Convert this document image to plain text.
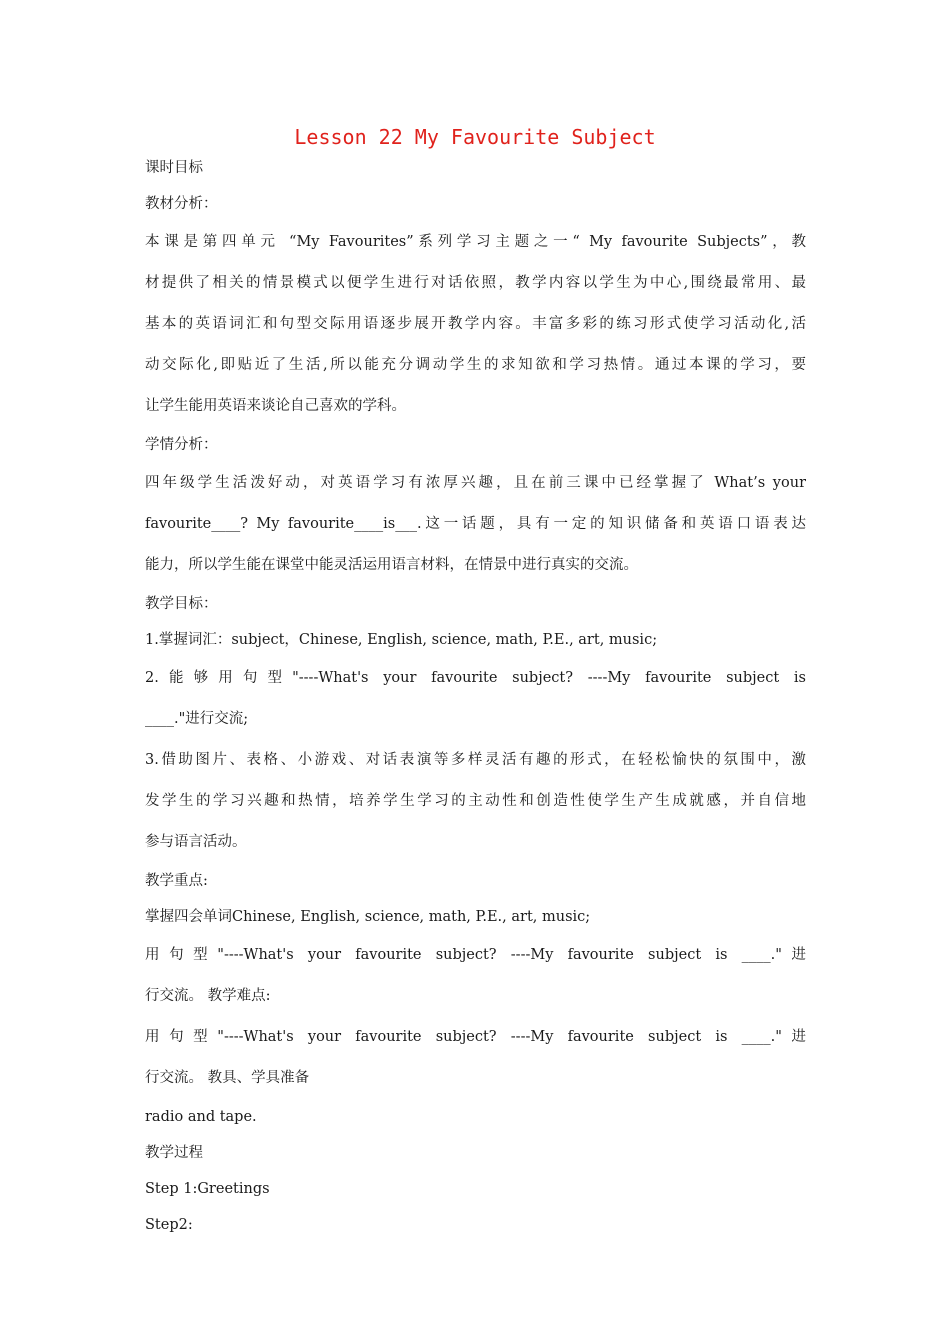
Lesson 22 My Favourite Subject
课时目标
教材分析：
本课是第四单元 “My Favourites”系列学习主题之一“ My favourite Subjects”，教
材提供了相关的情景模式以便学生进行对话依照，教学内容以学生为中心,围绕最常用、最
基本的英语词汇和句型交际用语逐步展开教学内容。丰富多彩的练习形式使学习活动化,活
动交际化,即贴近了生活,所以能充分调动学生的求知欲和学习热情。通过本课的学习，要
让学生能用英语来谈论自己喜欢的学科。
学情分析：
四年级学生活泼好动，对英语学习有浓厚兴趣，且在前三课中已经掌握了 What’s your
favourite____? My favourite____is___.这一话题，具有一定的知识储备和英语口语表达
能力，所以学生能在课堂中能灵活运用语言材料，在情景中进行真实的交流。
教学目标：
1.掌握词汇：subject，Chinese, English, science, math, P.E., art, music;
2.能够用句型"----What's your favourite subject? ----My favourite subject is
____."进行交流;
3.借助图片、表格、小游戏、对话表演等多样灵活有趣的形式，在轻松愉快的氛围中，激
发学生的学习兴趣和热情，培养学生学习的主动性和创造性使学生产生成就感，并自信地
参与语言活动。
教学重点:
掌握四会单词Chinese, English, science, math, P.E., art, music;
用句型"----What's your favourite subject? ----My favourite subject is ____."进
行交流。 教学难点:
用句型"----What's your favourite subject? ----My favourite subject is ____."进
行交流。 教具、学具准备
radio and tape.
教学过程
Step 1:Greetings
Step2:
